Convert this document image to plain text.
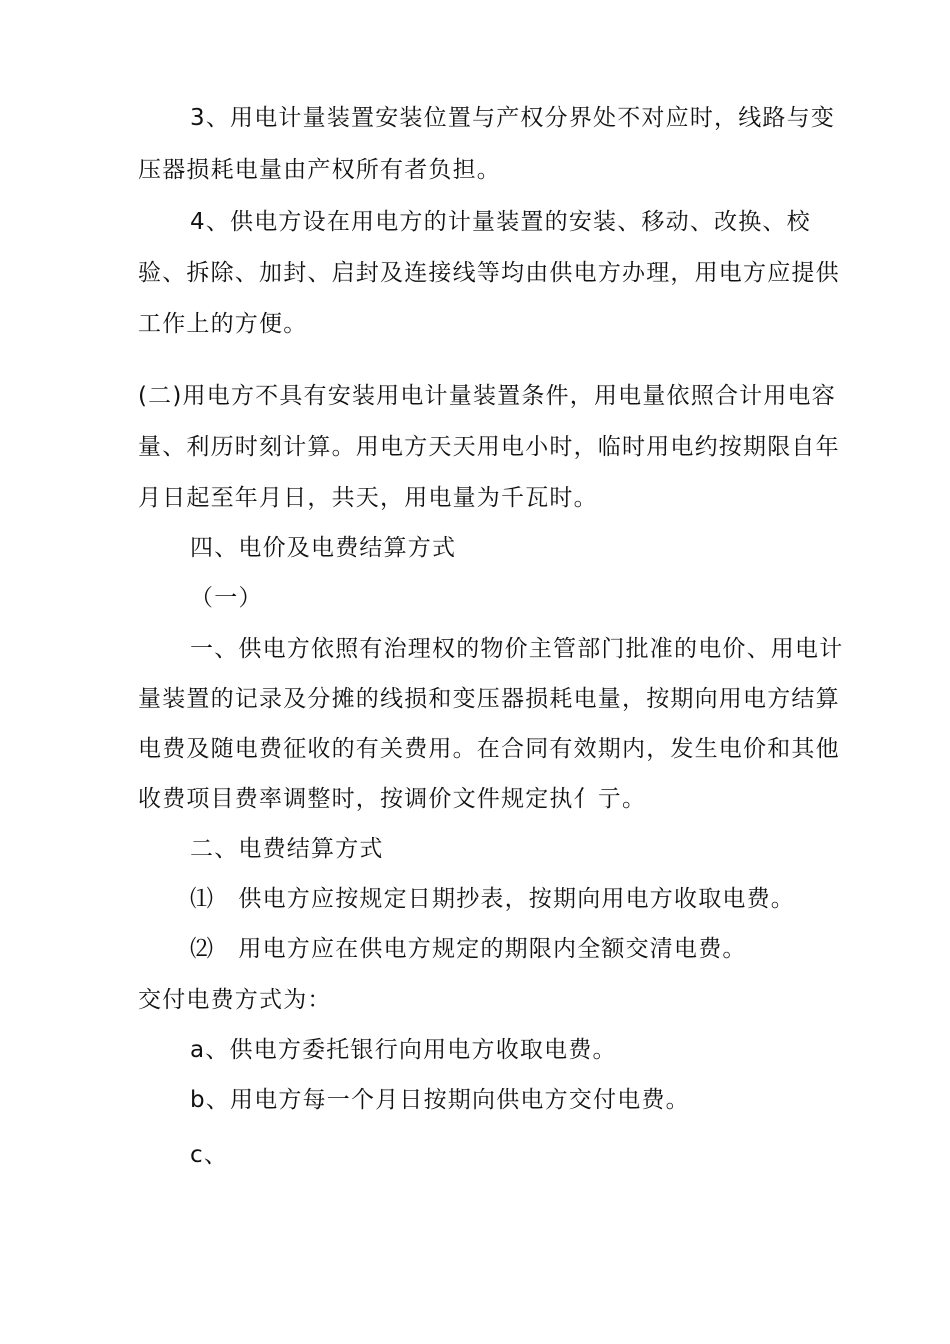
3、用电计量装置安装位置与产权分界处不对应时，线路与变
压器损耗电量由产权所有者负担。
4、供电方设在用电方的计量装置的安装、移动、改换、校
验、拆除、加封、启封及连接线等均由供电方办理，用电方应提供
工作上的方便。
(二)用电方不具有安装用电计量装置条件，用电量依照合计用电容
量、利历时刻计算。用电方天天用电小时，临时用电约按期限自年
月日起至年月日，共天，用电量为千瓦时。
四、电价及电费结算方式
（一）
一、供电方依照有治理权的物价主管部门批准的电价、用电计
量装置的记录及分摊的线损和变压器损耗电量，按期向用电方结算
电费及随电费征收的有关费用。在合同有效期内，发生电价和其他
收费项目费率调整时，按调价文件规定执亻亍。
二、电费结算方式
⑴　供电方应按规定日期抄表，按期向用电方收取电费。
⑵　用电方应在供电方规定的期限内全额交清电费。
交付电费方式为：
a、供电方委托银行向用电方收取电费。
b、用电方每一个月日按期向供电方交付电费。
c、
